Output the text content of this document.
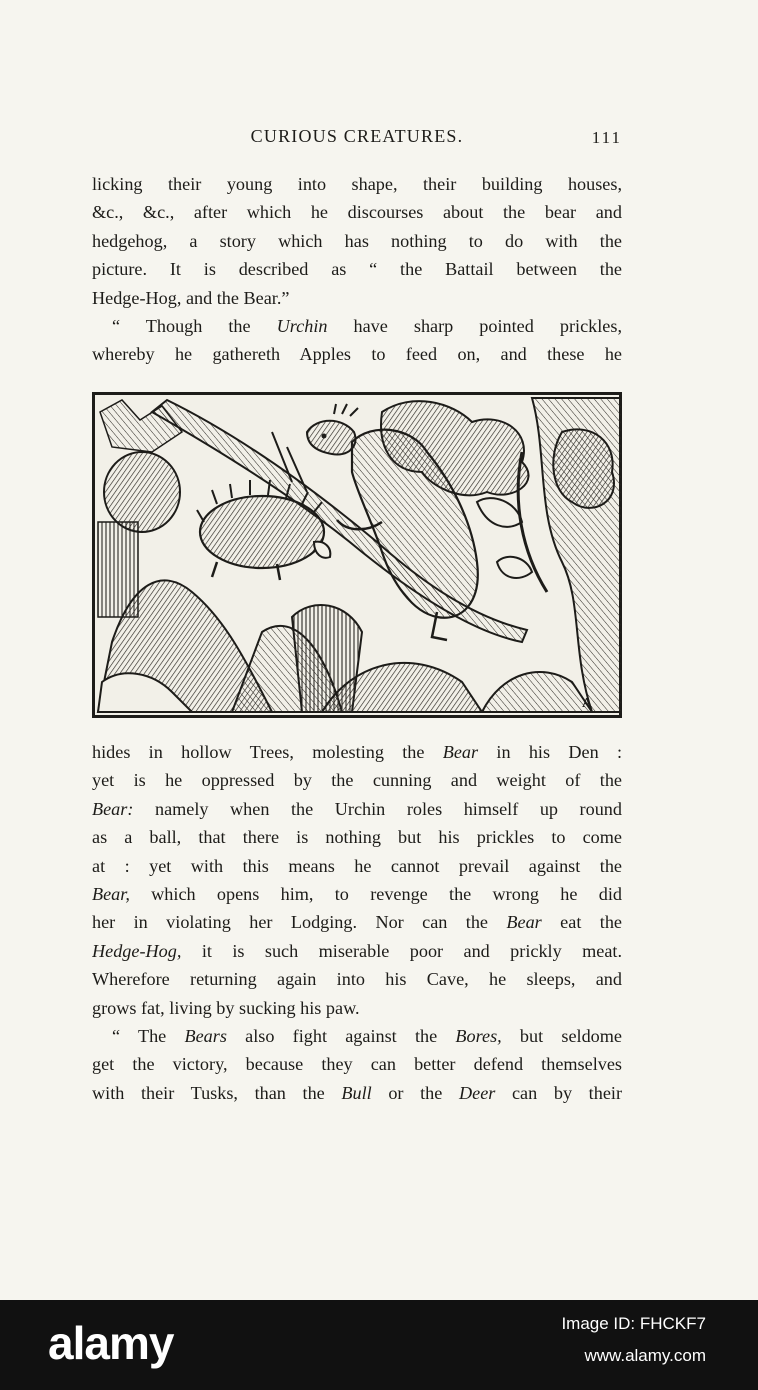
CURIOUS CREATURES.	111
licking their young into shape, their building houses,
&c., &c., after which he discourses about the bear and
hedgehog, a story which has nothing to do with the
picture. It is described as “ the Battail between the
Hedge-Hog, and the Bear.”
“ Though the Urchin have sharp pointed prickles,
whereby he gathereth Apples to feed on, and these he
A
hides in hollow Trees, molesting the Bear in his Den :
yet is he oppressed by the cunning and weight of the
Bear: namely when the Urchin roles himself up round
as a ball, that there is nothing but his prickles to come
at : yet with this means he cannot prevail against the
Bear, which opens him, to revenge the wrong he did
her in violating her Lodging. Nor can the Bear eat the
Hedge-Hog, it is such miserable poor and prickly meat.
Wherefore returning again into his Cave, he sleeps, and
grows fat, living by sucking his paw.
“ The Bears also fight against the Bores, but seldome
get the victory, because they can better defend themselves
with their Tusks, than the Bull or the Deer can by their
alamy	Image ID: FHCKF7
www.alamy.com
